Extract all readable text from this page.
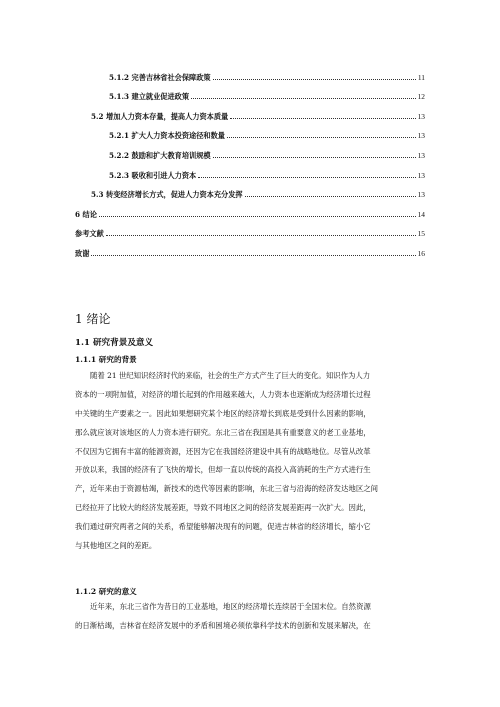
5.1.2 完善吉林省社会保障政策	11
5.1.3 建立就业促进政策	12
5.2 增加人力资本存量，提高人力资本质量	13
5.2.1 扩大人力资本投资途径和数量	13
5.2.2 鼓励和扩大教育培训规模	13
5.2.3 吸收和引进人力资本	13
5.3 转变经济增长方式，促进人力资本充分发挥	13
6 结论	14
参考文献	15
致谢	16
1 绪论
1.1 研究背景及意义
1.1.1 研究的背景
随着 21 世纪知识经济时代的来临，社会的生产方式产生了巨大的变化。知识作为人力
资本的一项附加值，对经济的增长起到的作用越来越大，人力资本也逐渐成为经济增长过程
中关键的生产要素之一。因此如果想研究某个地区的经济增长到底是受到什么因素的影响，
那么就应该对该地区的人力资本进行研究。东北三省在我国是具有重要意义的老工业基地，
不仅因为它拥有丰富的能源资源，还因为它在我国经济建设中具有的战略地位。尽管从改革
开放以来，我国的经济有了飞快的增长，但却一直以传统的高投入高消耗的生产方式进行生
产，近年来由于资源枯竭，新技术的迭代等因素的影响，东北三省与沿海的经济发达地区之间
已经拉开了比较大的经济发展差距，导致不同地区之间的经济发展差距再一次扩大。因此，
我们通过研究两者之间的关系，希望能够解决现有的问题，促进吉林省的经济增长，缩小它
与其他地区之间的差距。
1.1.2 研究的意义
近年来，东北三省作为昔日的工业基地，地区的经济增长连续居于全国末位。自然资源
的日渐枯竭，吉林省在经济发展中的矛盾和困境必须依靠科学技术的创新和发展来解决，在
